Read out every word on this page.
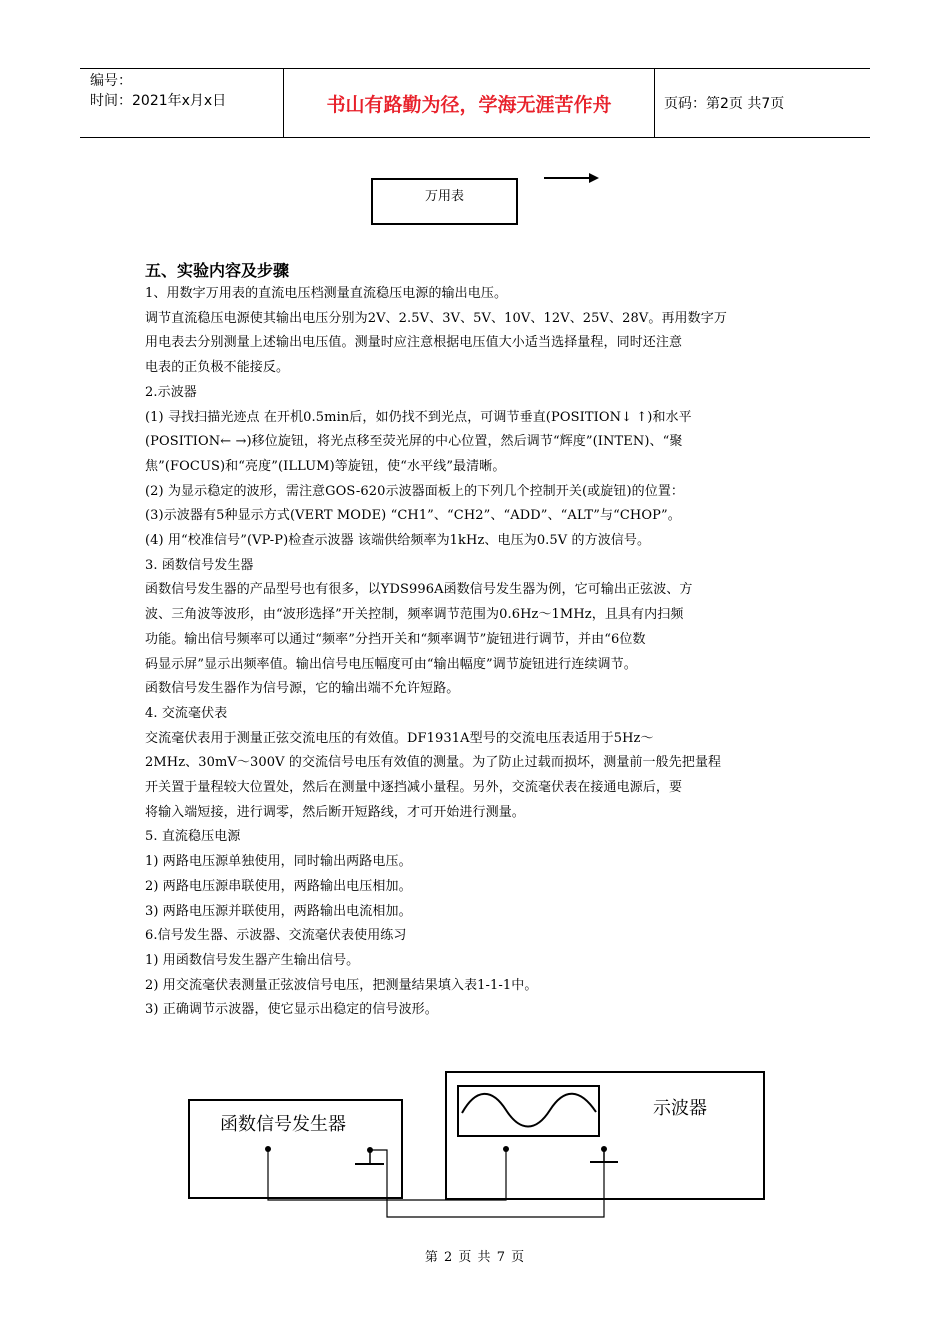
编号：
时间：2021年x月x日	书山有路勤为径，学海无涯苦作舟	页码：第2页 共7页
万用表
五、实验内容及步骤
1、用数字万用表的直流电压档测量直流稳压电源的输出电压。
调节直流稳压电源使其输出电压分别为2V、2.5V、3V、5V、10V、12V、25V、28V。再用数字万
用电表去分别测量上述输出电压值。测量时应注意根据电压值大小适当选择量程，同时还注意
电表的正负极不能接反。
2.示波器
(1) 寻找扫描光迹点 在开机0.5min后，如仍找不到光点，可调节垂直(POSITION↓ ↑)和水平
(POSITION← →)移位旋钮，将光点移至荧光屏的中心位置，然后调节“辉度”(INTEN)、“聚
焦”(FOCUS)和“亮度”(ILLUM)等旋钮，使“水平线”最清晰。
(2) 为显示稳定的波形，需注意GOS-620示波器面板上的下列几个控制开关(或旋钮)的位置：
(3)示波器有5种显示方式(VERT MODE) “CH1”、“CH2”、“ADD”、“ALT”与“CHOP”。
(4) 用“校准信号”(VP-P)检查示波器 该端供给频率为1kHz、电压为0.5V 的方波信号。
3. 函数信号发生器
函数信号发生器的产品型号也有很多，以YDS996A函数信号发生器为例，它可输出正弦波、方
波、三角波等波形，由“波形选择”开关控制，频率调节范围为0.6Hz～1MHz，且具有内扫频
功能。输出信号频率可以通过“频率”分挡开关和“频率调节”旋钮进行调节，并由“6位数
码显示屏”显示出频率值。输出信号电压幅度可由“输出幅度”调节旋钮进行连续调节。
函数信号发生器作为信号源，它的输出端不允许短路。
4. 交流毫伏表
交流毫伏表用于测量正弦交流电压的有效值。DF1931A型号的交流电压表适用于5Hz～
2MHz、30mV～300V 的交流信号电压有效值的测量。为了防止过载而损坏，测量前一般先把量程
开关置于量程较大位置处，然后在测量中逐挡减小量程。另外，交流毫伏表在接通电源后，要
将输入端短接，进行调零，然后断开短路线，才可开始进行测量。
5. 直流稳压电源
1) 两路电压源单独使用，同时输出两路电压。
2) 两路电压源串联使用，两路输出电压相加。
3) 两路电压源并联使用，两路输出电流相加。
6.信号发生器、示波器、交流毫伏表使用练习
1) 用函数信号发生器产生输出信号。
2) 用交流毫伏表测量正弦波信号电压，把测量结果填入表1-1-1中。
3) 正确调节示波器，使它显示出稳定的信号波形。
函数信号发生器
示波器
第 2 页 共 7 页
